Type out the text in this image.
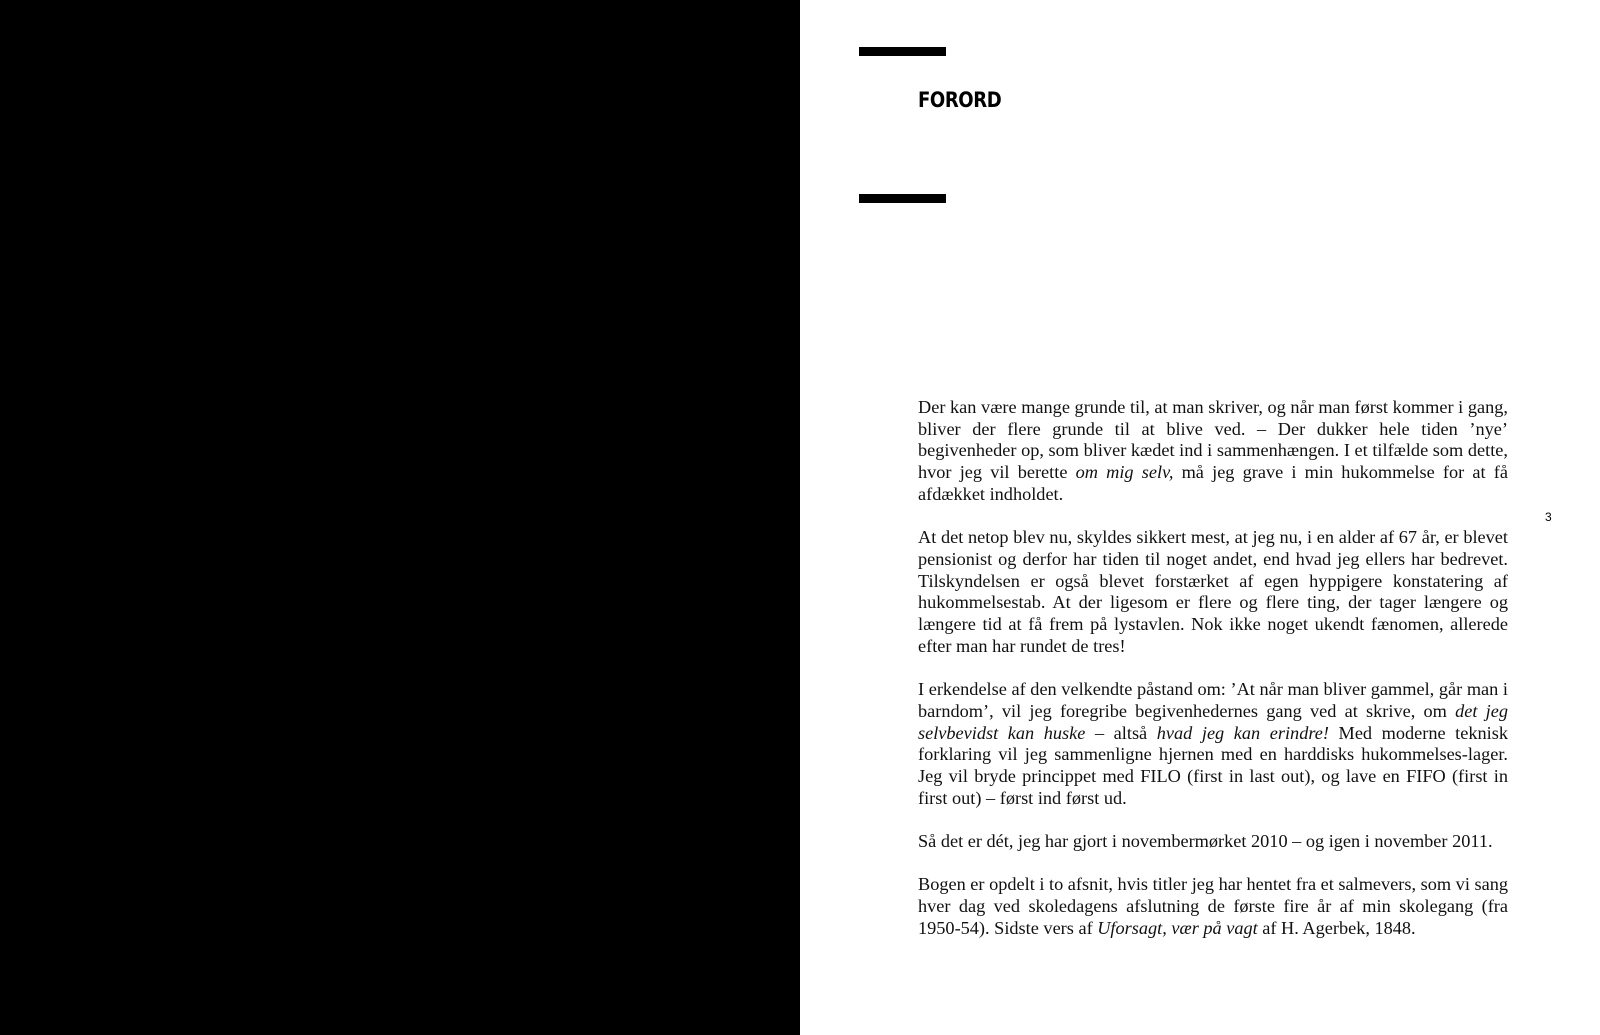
FORORD

Der kan være mange grunde til, at man skriver, og når man først kommer i gang, bliver der flere grunde til at blive ved. – Der dukker hele tiden ’nye’ begivenheder op, som bliver kædet ind i sammenhængen. I et tilfælde som dette, hvor jeg vil berette om mig selv, må jeg grave i min hukommelse for at få afdækket indholdet.

At det netop blev nu, skyldes sikkert mest, at jeg nu, i en alder af 67 år, er blevet pensionist og derfor har tiden til noget andet, end hvad jeg ellers har bedrevet. Tilskyndelsen er også blevet forstærket af egen hyppigere konstatering af hukommelsestab. At der ligesom er flere og flere ting, der tager længere og længere tid at få frem på lystavlen. Nok ikke noget ukendt fænomen, allerede efter man har rundet de tres!

I erkendelse af den velkendte påstand om: ’At når man bliver gammel, går man i barndom’, vil jeg foregribe begivenhedernes gang ved at skrive, om det jeg selvbevidst kan huske – altså hvad jeg kan erindre! Med moderne teknisk forklaring vil jeg sammenligne hjernen med en harddisks hukommelses-lager. Jeg vil bryde princippet med FILO (first in last out), og lave en FIFO (first in first out) – først ind først ud.

Så det er dét, jeg har gjort i novembermørket 2010 – og igen i november 2011.

Bogen er opdelt i to afsnit, hvis titler jeg har hentet fra et salmevers, som vi sang hver dag ved skoledagens afslutning de første fire år af min skolegang (fra 1950-54). Sidste vers af Uforsagt, vær på vagt af H. Agerbek, 1848.

3
